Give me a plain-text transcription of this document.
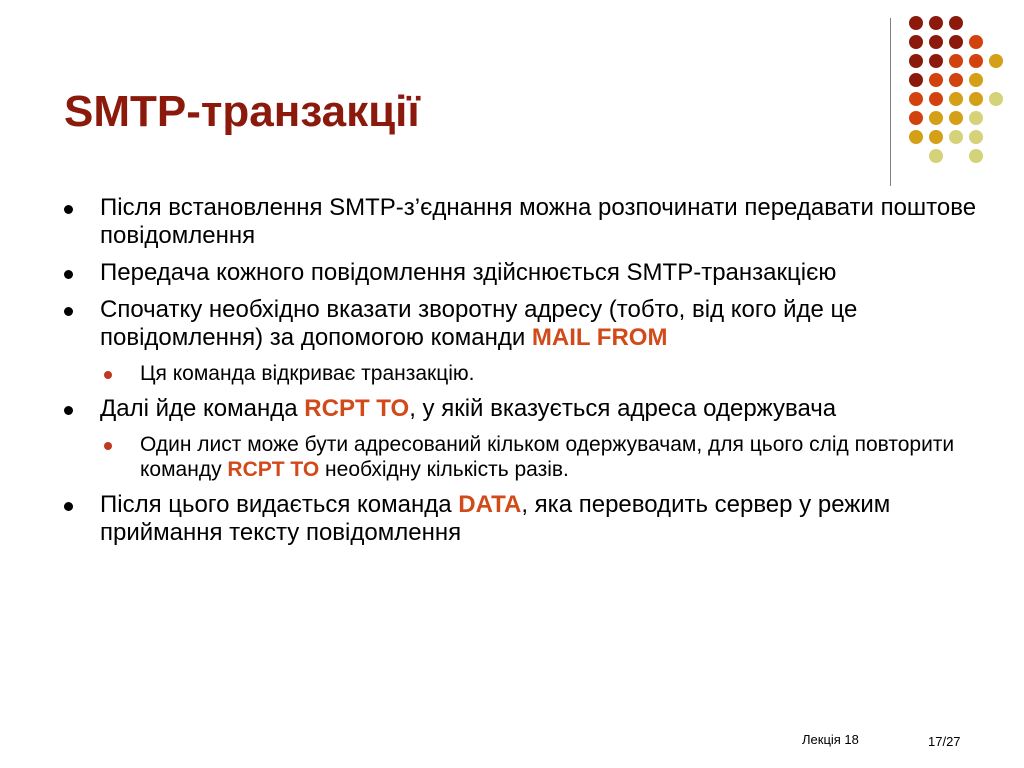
SMTP-транзакції
Після встановлення SMTP-з’єднання можна розпочинати передавати поштове повідомлення
Передача кожного повідомлення здійснюється SMTP-транзакцією
Спочатку необхідно вказати зворотну адресу (тобто, від кого йде це повідомлення) за допомогою команди MAIL FROM
Ця команда відкриває транзакцію.
Далі йде команда RCPT TO, у якій вказується адреса одержувача
Один лист може бути адресований кільком одержувачам, для цього слід повторити команду RCPT TO необхідну кількість разів.
Після цього видається команда DATA, яка переводить сервер у режим приймання тексту повідомлення
Лекція 18	17/27
